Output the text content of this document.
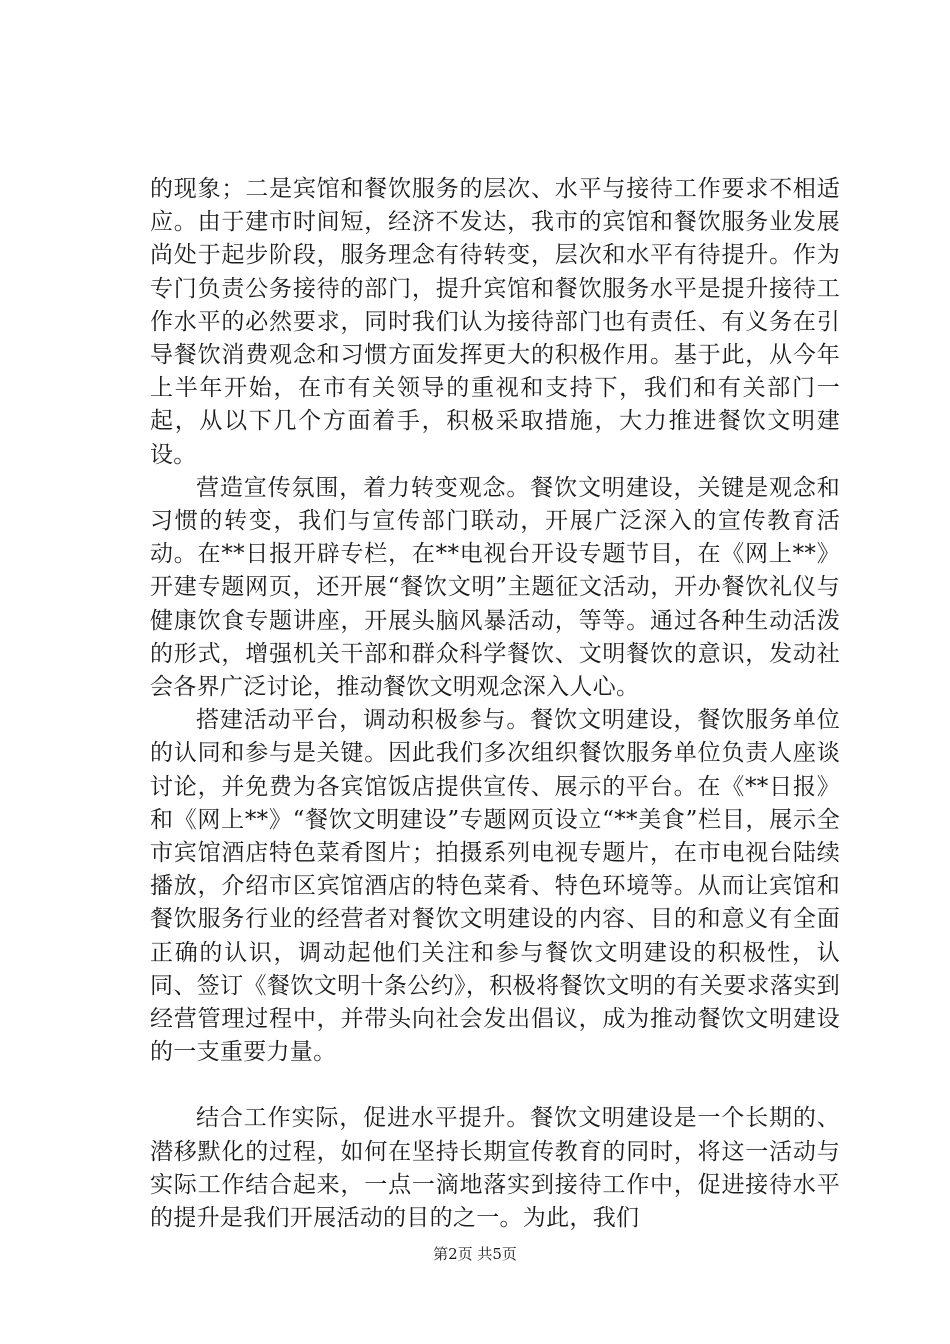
的现象；二是宾馆和餐饮服务的层次、水平与接待工作要求不相适应。由于建市时间短，经济不发达，我市的宾馆和餐饮服务业发展尚处于起步阶段，服务理念有待转变，层次和水平有待提升。作为专门负责公务接待的部门，提升宾馆和餐饮服务水平是提升接待工作水平的必然要求，同时我们认为接待部门也有责任、有义务在引导餐饮消费观念和习惯方面发挥更大的积极作用。基于此，从今年上半年开始，在市有关领导的重视和支持下，我们和有关部门一起，从以下几个方面着手，积极采取措施，大力推进餐饮文明建设。

营造宣传氛围，着力转变观念。餐饮文明建设，关键是观念和习惯的转变，我们与宣传部门联动，开展广泛深入的宣传教育活动。在**日报开辟专栏，在**电视台开设专题节目，在《网上**》开建专题网页，还开展“餐饮文明”主题征文活动，开办餐饮礼仪与健康饮食专题讲座，开展头脑风暴活动，等等。通过各种生动活泼的形式，增强机关干部和群众科学餐饮、文明餐饮的意识，发动社会各界广泛讨论，推动餐饮文明观念深入人心。

搭建活动平台，调动积极参与。餐饮文明建设，餐饮服务单位的认同和参与是关键。因此我们多次组织餐饮服务单位负责人座谈讨论，并免费为各宾馆饭店提供宣传、展示的平台。在《**日报》和《网上**》“餐饮文明建设”专题网页设立“**美食”栏目，展示全市宾馆酒店特色菜肴图片；拍摄系列电视专题片，在市电视台陆续播放，介绍市区宾馆酒店的特色菜肴、特色环境等。从而让宾馆和餐饮服务行业的经营者对餐饮文明建设的内容、目的和意义有全面正确的认识，调动起他们关注和参与餐饮文明建设的积极性，认同、签订《餐饮文明十条公约》，积极将餐饮文明的有关要求落实到经营管理过程中，并带头向社会发出倡议，成为推动餐饮文明建设的一支重要力量。

结合工作实际，促进水平提升。餐饮文明建设是一个长期的、潜移默化的过程，如何在坚持长期宣传教育的同时，将这一活动与实际工作结合起来，一点一滴地落实到接待工作中，促进接待水平的提升是我们开展活动的目的之一。为此，我们

第2页 共5页
